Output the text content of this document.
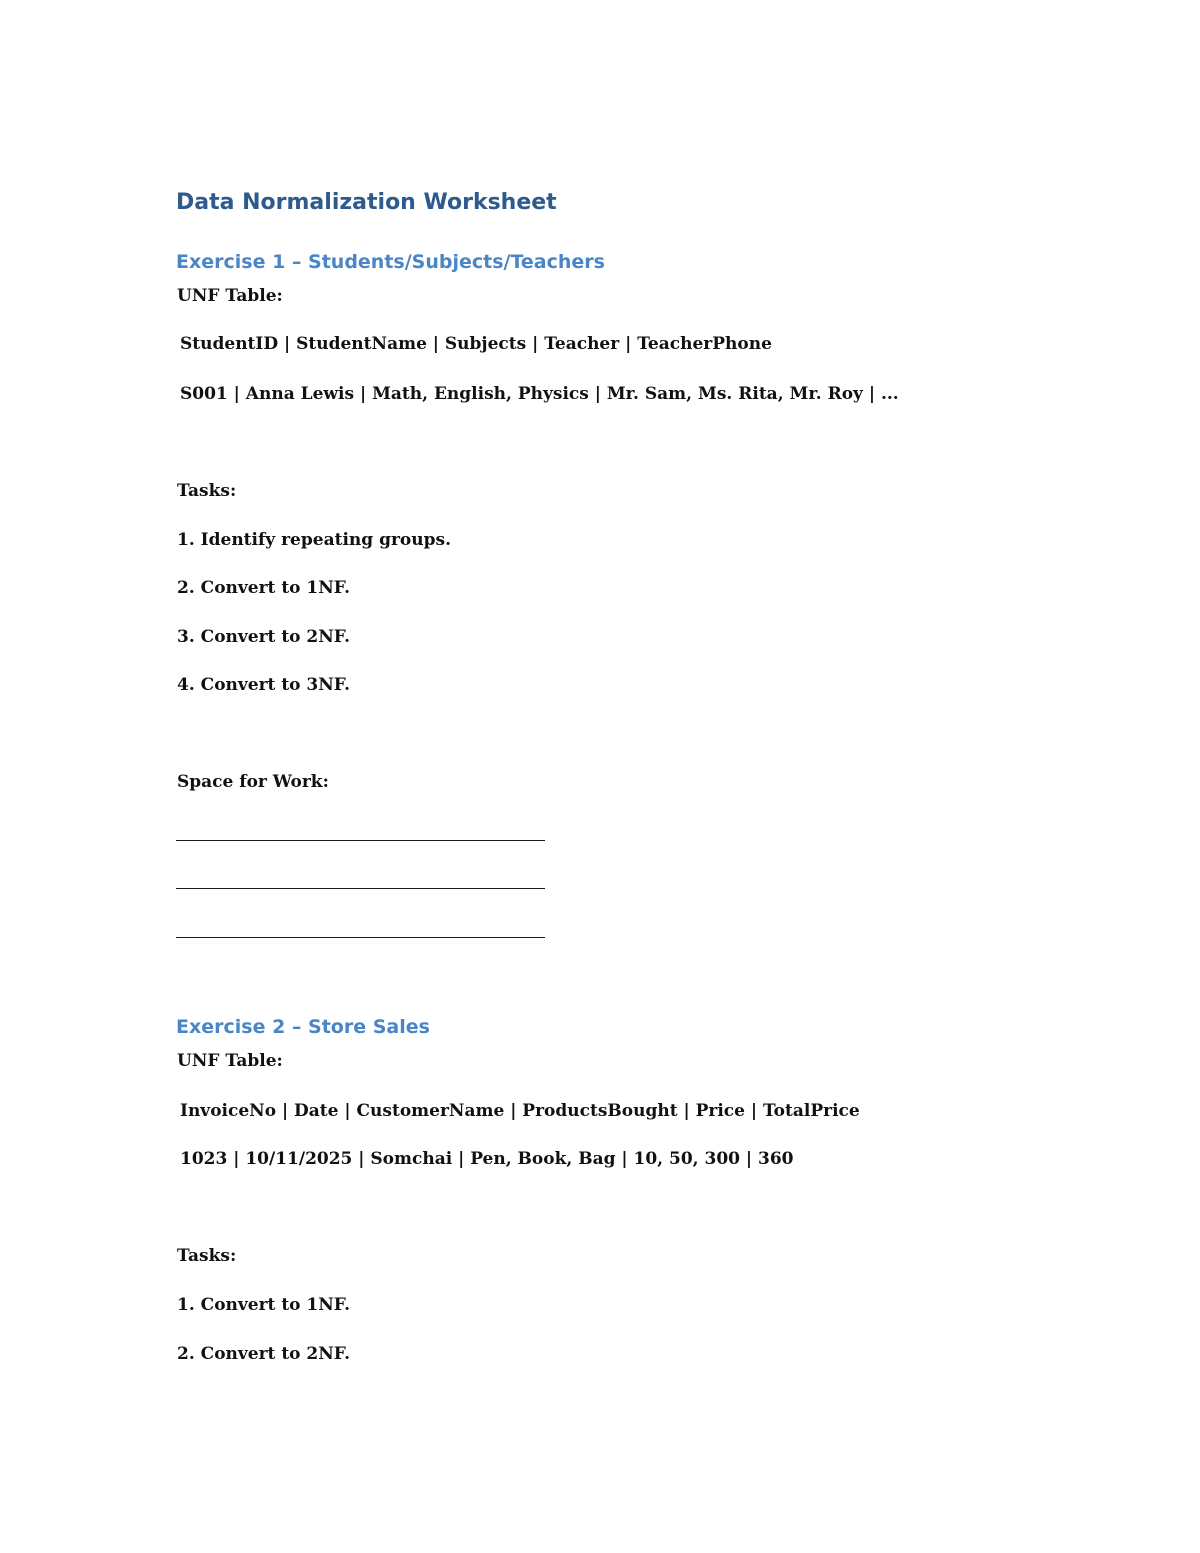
Data Normalization Worksheet
Exercise 1 – Students/Subjects/Teachers

UNF Table:

StudentID | StudentName | Subjects | Teacher | TeacherPhone

S001 | Anna Lewis | Math, English, Physics | Mr. Sam, Ms. Rita, Mr. Roy | ...

Tasks:

1. Identify repeating groups.

2. Convert to 1NF.

3. Convert to 2NF.

4. Convert to 3NF.

Space for Work:

Exercise 2 – Store Sales

UNF Table:

InvoiceNo | Date | CustomerName | ProductsBought | Price | TotalPrice

1023 | 10/11/2025 | Somchai | Pen, Book, Bag | 10, 50, 300 | 360

Tasks:

1. Convert to 1NF.

2. Convert to 2NF.
